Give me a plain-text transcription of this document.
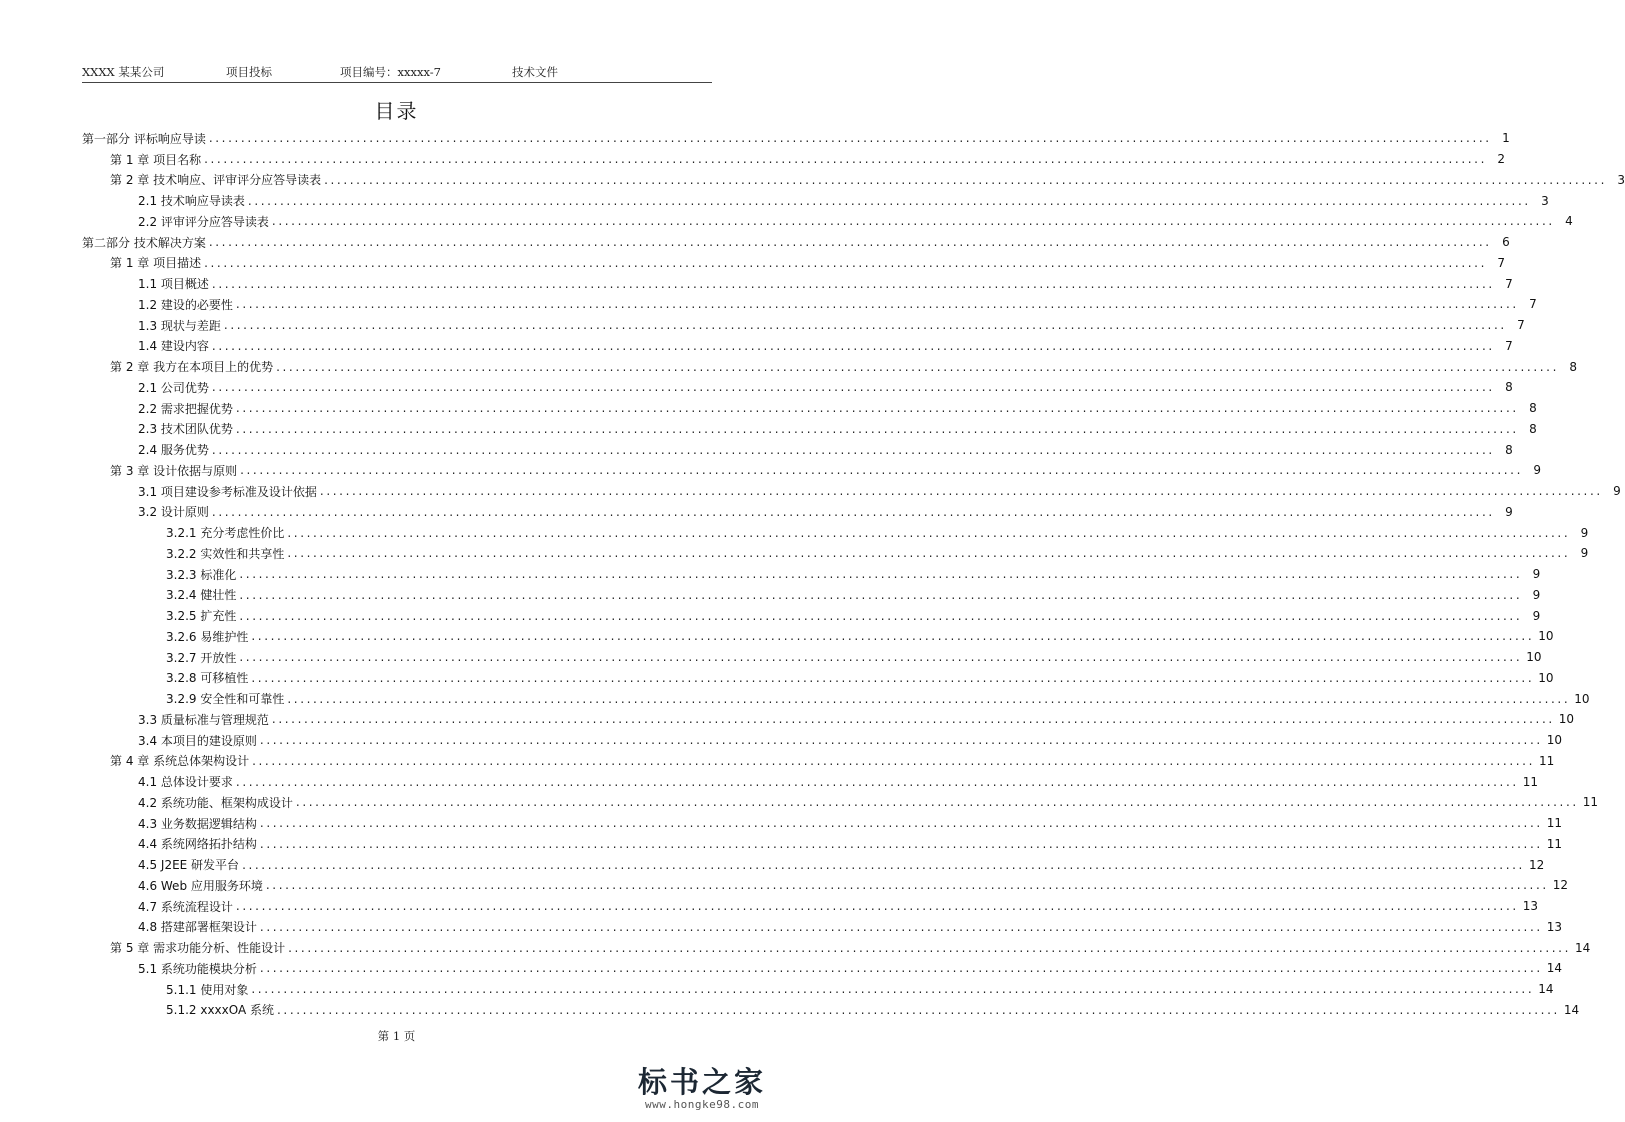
XXXX 某某公司	项目投标	项目编号：xxxxx-7	技术文件
目录
第一部分 评标响应导读 ........................................................................................................................................................................................................ 1
第 1 章 项目名称 ........................................................................................................................................................................................................ 2
第 2 章 技术响应、评审评分应答导读表 ........................................................................................................................................................................................................ 3
2.1 技术响应导读表 ........................................................................................................................................................................................................ 3
2.2 评审评分应答导读表 ........................................................................................................................................................................................................ 4
第二部分 技术解决方案 ........................................................................................................................................................................................................ 6
第 1 章 项目描述 ........................................................................................................................................................................................................ 7
1.1 项目概述 ........................................................................................................................................................................................................ 7
1.2 建设的必要性 ........................................................................................................................................................................................................ 7
1.3 现状与差距 ........................................................................................................................................................................................................ 7
1.4 建设内容 ........................................................................................................................................................................................................ 7
第 2 章 我方在本项目上的优势 ........................................................................................................................................................................................................ 8
2.1 公司优势 ........................................................................................................................................................................................................ 8
2.2 需求把握优势 ........................................................................................................................................................................................................ 8
2.3 技术团队优势 ........................................................................................................................................................................................................ 8
2.4 服务优势 ........................................................................................................................................................................................................ 8
第 3 章 设计依据与原则 ........................................................................................................................................................................................................ 9
3.1 项目建设参考标准及设计依据 ........................................................................................................................................................................................................ 9
3.2 设计原则 ........................................................................................................................................................................................................ 9
3.2.1 充分考虑性价比 ........................................................................................................................................................................................................ 9
3.2.2 实效性和共享性 ........................................................................................................................................................................................................ 9
3.2.3 标准化 ........................................................................................................................................................................................................ 9
3.2.4 健壮性 ........................................................................................................................................................................................................ 9
3.2.5 扩充性 ........................................................................................................................................................................................................ 9
3.2.6 易维护性 ........................................................................................................................................................................................................ 10
3.2.7 开放性 ........................................................................................................................................................................................................ 10
3.2.8 可移植性 ........................................................................................................................................................................................................ 10
3.2.9 安全性和可靠性 ........................................................................................................................................................................................................ 10
3.3 质量标准与管理规范 ........................................................................................................................................................................................................ 10
3.4 本项目的建设原则 ........................................................................................................................................................................................................ 10
第 4 章 系统总体架构设计 ........................................................................................................................................................................................................ 11
4.1 总体设计要求 ........................................................................................................................................................................................................ 11
4.2 系统功能、框架构成设计 ........................................................................................................................................................................................................ 11
4.3 业务数据逻辑结构 ........................................................................................................................................................................................................ 11
4.4 系统网络拓扑结构 ........................................................................................................................................................................................................ 11
4.5 J2EE 研发平台 ........................................................................................................................................................................................................ 12
4.6 Web 应用服务环境 ........................................................................................................................................................................................................ 12
4.7 系统流程设计 ........................................................................................................................................................................................................ 13
4.8 搭建部署框架设计 ........................................................................................................................................................................................................ 13
第 5 章 需求功能分析、性能设计 ........................................................................................................................................................................................................ 14
5.1 系统功能模块分析 ........................................................................................................................................................................................................ 14
5.1.1 使用对象 ........................................................................................................................................................................................................ 14
5.1.2 xxxxOA 系统 ........................................................................................................................................................................................................ 14
第 1 页
标书之家
www.hongke98.com
